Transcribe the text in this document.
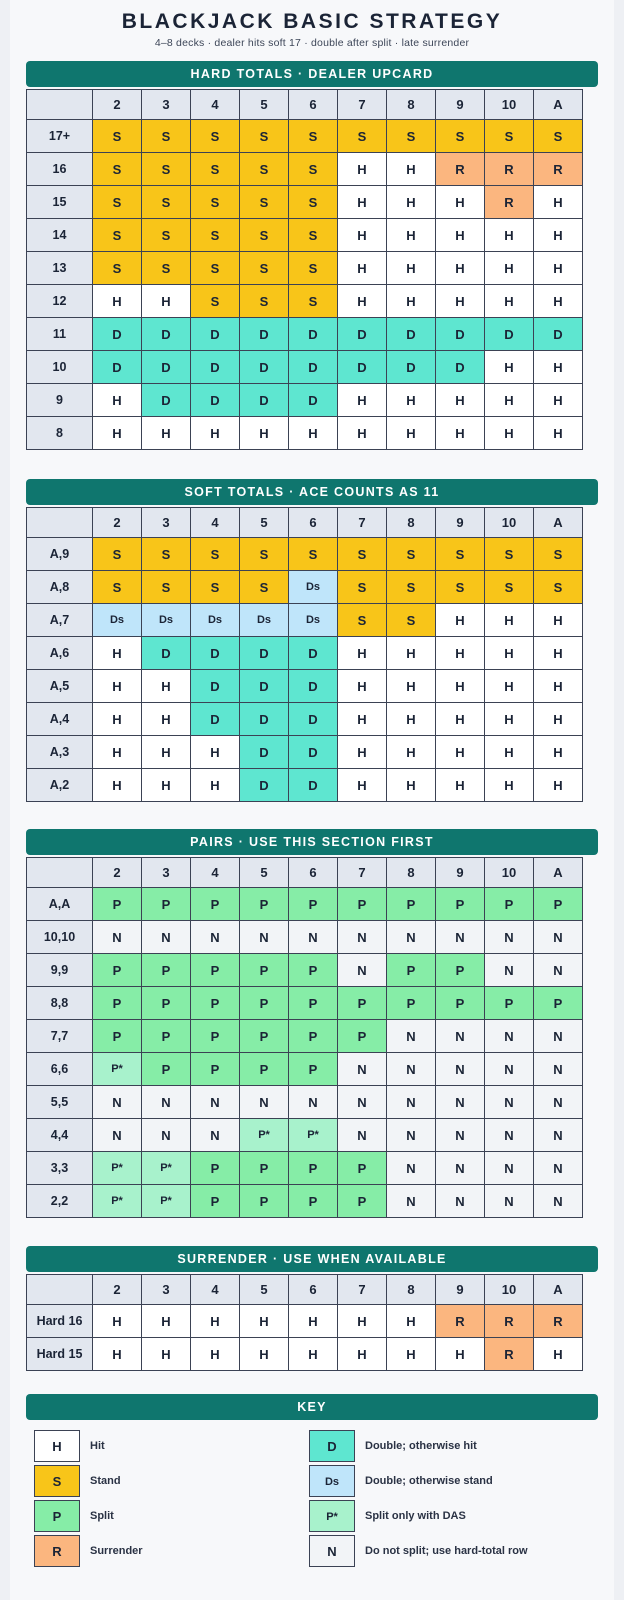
BLACKJACK BASIC STRATEGY
4–8 decks · dealer hits soft 17 · double after split · late surrender
HARD TOTALS · DEALER UPCARD
	2	3	4	5	6	7	8	9	10	A
17+	S	S	S	S	S	S	S	S	S	S
16	S	S	S	S	S	H	H	R	R	R
15	S	S	S	S	S	H	H	H	R	H
14	S	S	S	S	S	H	H	H	H	H
13	S	S	S	S	S	H	H	H	H	H
12	H	H	S	S	S	H	H	H	H	H
11	D	D	D	D	D	D	D	D	D	D
10	D	D	D	D	D	D	D	D	H	H
9	H	D	D	D	D	H	H	H	H	H
8	H	H	H	H	H	H	H	H	H	H
SOFT TOTALS · ACE COUNTS AS 11
	2	3	4	5	6	7	8	9	10	A
A,9	S	S	S	S	S	S	S	S	S	S
A,8	S	S	S	S	Ds	S	S	S	S	S
A,7	Ds	Ds	Ds	Ds	Ds	S	S	H	H	H
A,6	H	D	D	D	D	H	H	H	H	H
A,5	H	H	D	D	D	H	H	H	H	H
A,4	H	H	D	D	D	H	H	H	H	H
A,3	H	H	H	D	D	H	H	H	H	H
A,2	H	H	H	D	D	H	H	H	H	H
PAIRS · USE THIS SECTION FIRST
	2	3	4	5	6	7	8	9	10	A
A,A	P	P	P	P	P	P	P	P	P	P
10,10	N	N	N	N	N	N	N	N	N	N
9,9	P	P	P	P	P	N	P	P	N	N
8,8	P	P	P	P	P	P	P	P	P	P
7,7	P	P	P	P	P	P	N	N	N	N
6,6	P*	P	P	P	P	N	N	N	N	N
5,5	N	N	N	N	N	N	N	N	N	N
4,4	N	N	N	P*	P*	N	N	N	N	N
3,3	P*	P*	P	P	P	P	N	N	N	N
2,2	P*	P*	P	P	P	P	N	N	N	N
SURRENDER · USE WHEN AVAILABLE
	2	3	4	5	6	7	8	9	10	A
Hard 16	H	H	H	H	H	H	H	R	R	R
Hard 15	H	H	H	H	H	H	H	H	R	H
KEY
H	Hit	D	Double; otherwise hit
S	Stand	Ds	Double; otherwise stand
P	Split	P*	Split only with DAS
R	Surrender	N	Do not split; use hard-total row
